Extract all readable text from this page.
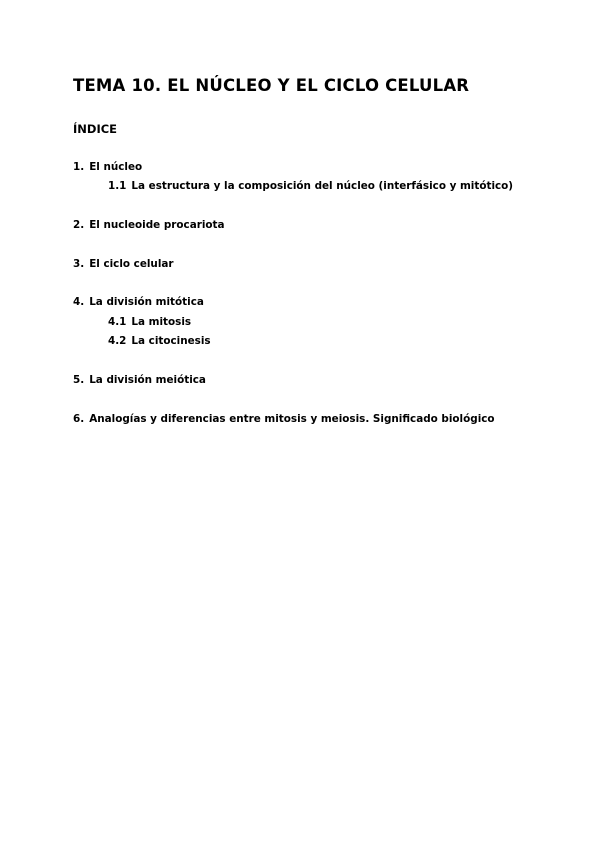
TEMA 10. EL NÚCLEO Y EL CICLO CELULAR
ÍNDICE
1. El núcleo
1.1 La estructura y la composición del núcleo (interfásico y mitótico)
2. El nucleoide procariota
3. El ciclo celular
4. La división mitótica
4.1 La mitosis
4.2 La citocinesis
5. La división meiótica
6. Analogías y diferencias entre mitosis y meiosis. Significado biológico
